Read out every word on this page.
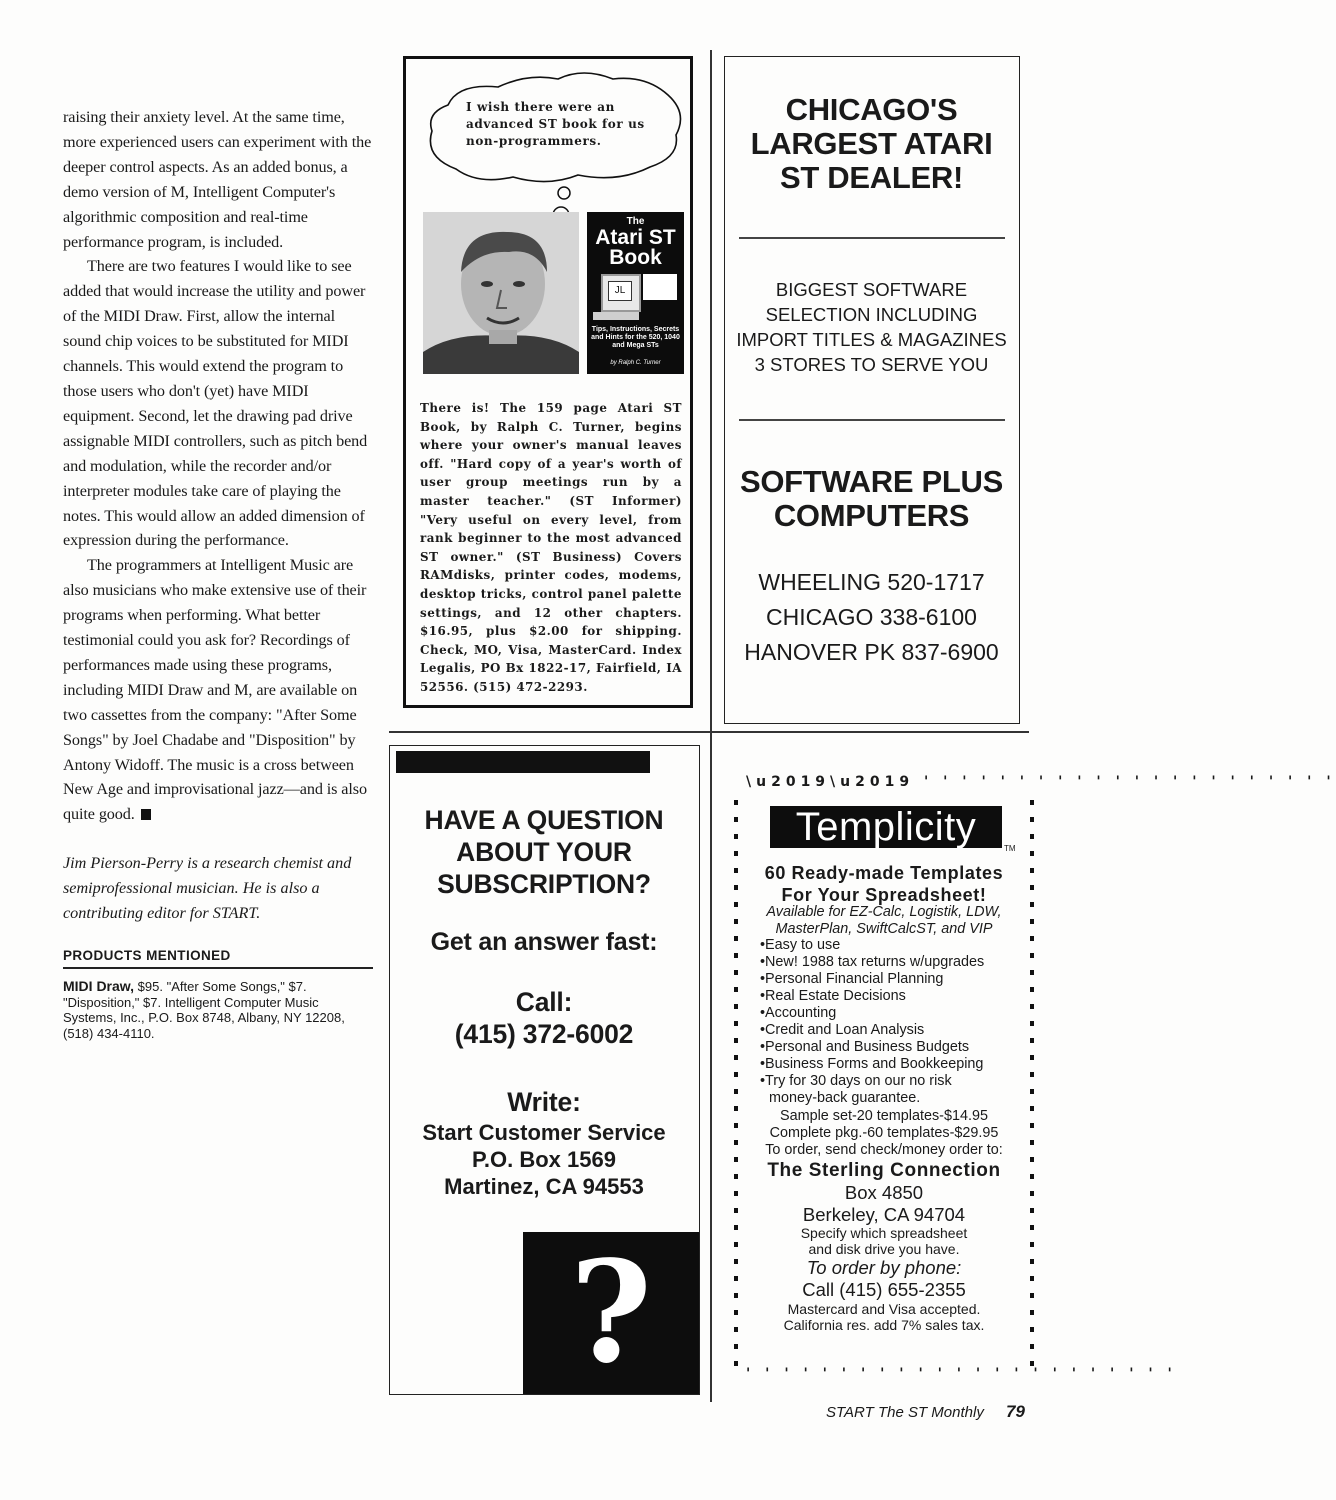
raising their anxiety level. At the same time, more experienced users can experiment with the deeper control aspects. As an added bonus, a demo version of M, Intelligent Computer's algorithmic composition and real-time performance program, is included.

There are two features I would like to see added that would increase the utility and power of the MIDI Draw. First, allow the internal sound chip voices to be substituted for MIDI channels. This would extend the program to those users who don't (yet) have MIDI equipment. Second, let the drawing pad drive assignable MIDI controllers, such as pitch bend and modulation, while the recorder and/or interpreter modules take care of playing the notes. This would allow an added dimension of expression during the performance.

The programmers at Intelligent Music are also musicians who make extensive use of their programs when performing. What better testimonial could you ask for? Recordings of performances made using these programs, including MIDI Draw and M, are available on two cassettes from the company: "After Some Songs" by Joel Chadabe and "Disposition" by Antony Widoff. The music is a cross between New Age and improvisational jazz—and is also quite good.

Jim Pierson-Perry is a research chemist and semiprofessional musician. He is also a contributing editor for START.

PRODUCTS MENTIONED
MIDI Draw, $95. "After Some Songs," $7. "Disposition," $7. Intelligent Computer Music Systems, Inc., P.O. Box 8748, Albany, NY 12208, (518) 434-4110.
I wish there were an advanced ST book for us non-programmers.
The
Atari ST
Book
JL
Tips, Instructions, Secrets and Hints for the 520, 1040 and Mega STs
by Ralph C. Turner
There is! The 159 page Atari ST Book, by Ralph C. Turner, begins where your owner's manual leaves off. "Hard copy of a year's worth of user group meetings run by a master teacher." (ST Informer) "Very useful on every level, from rank beginner to the most advanced ST owner." (ST Business) Covers RAMdisks, printer codes, modems, desktop tricks, control panel palette settings, and 12 other chapters. $16.95, plus $2.00 for shipping. Check, MO, Visa, MasterCard. Index Legalis, PO Bx 1822-17, Fairfield, IA 52556. (515) 472-2293.
CHICAGO'S
LARGEST ATARI
ST DEALER!
BIGGEST SOFTWARE
SELECTION INCLUDING
IMPORT TITLES & MAGAZINES
3 STORES TO SERVE YOU
SOFTWARE PLUS
COMPUTERS
WHEELING 520-1717
CHICAGO 338-6100
HANOVER PK 837-6900
HAVE A QUESTION
ABOUT YOUR
SUBSCRIPTION?
Get an answer fast:
Call:
(415) 372-6002
Write:
Start Customer Service
P.O. Box 1569
Martinez, CA 94553
?
\u2019\u2019 ' ' ' ' ' ' ' ' ' ' ' ' ' ' ' ' ' ' ' ' ' '
' ' ' ' ' ' ' ' ' ' ' ' ' ' ' ' ' ' ' ' ' ' '
Templicity	TM
60 Ready-made Templates
For Your Spreadsheet!
Available for EZ-Calc, Logistik, LDW,
MasterPlan, SwiftCalcST, and VIP
•Easy to use
•New! 1988 tax returns w/upgrades
•Personal Financial Planning
•Real Estate Decisions
•Accounting
•Credit and Loan Analysis
•Personal and Business Budgets
•Business Forms and Bookkeeping
•Try for 30 days on our no risk
money-back guarantee.
Sample set-20 templates-$14.95
Complete pkg.-60 templates-$29.95
To order, send check/money order to:
The Sterling Connection
Box 4850
Berkeley, CA 94704
Specify which spreadsheet
and disk drive you have.
To order by phone:
Call (415) 655-2355
Mastercard and Visa accepted.
California res. add 7% sales tax.
START The ST Monthly 79
